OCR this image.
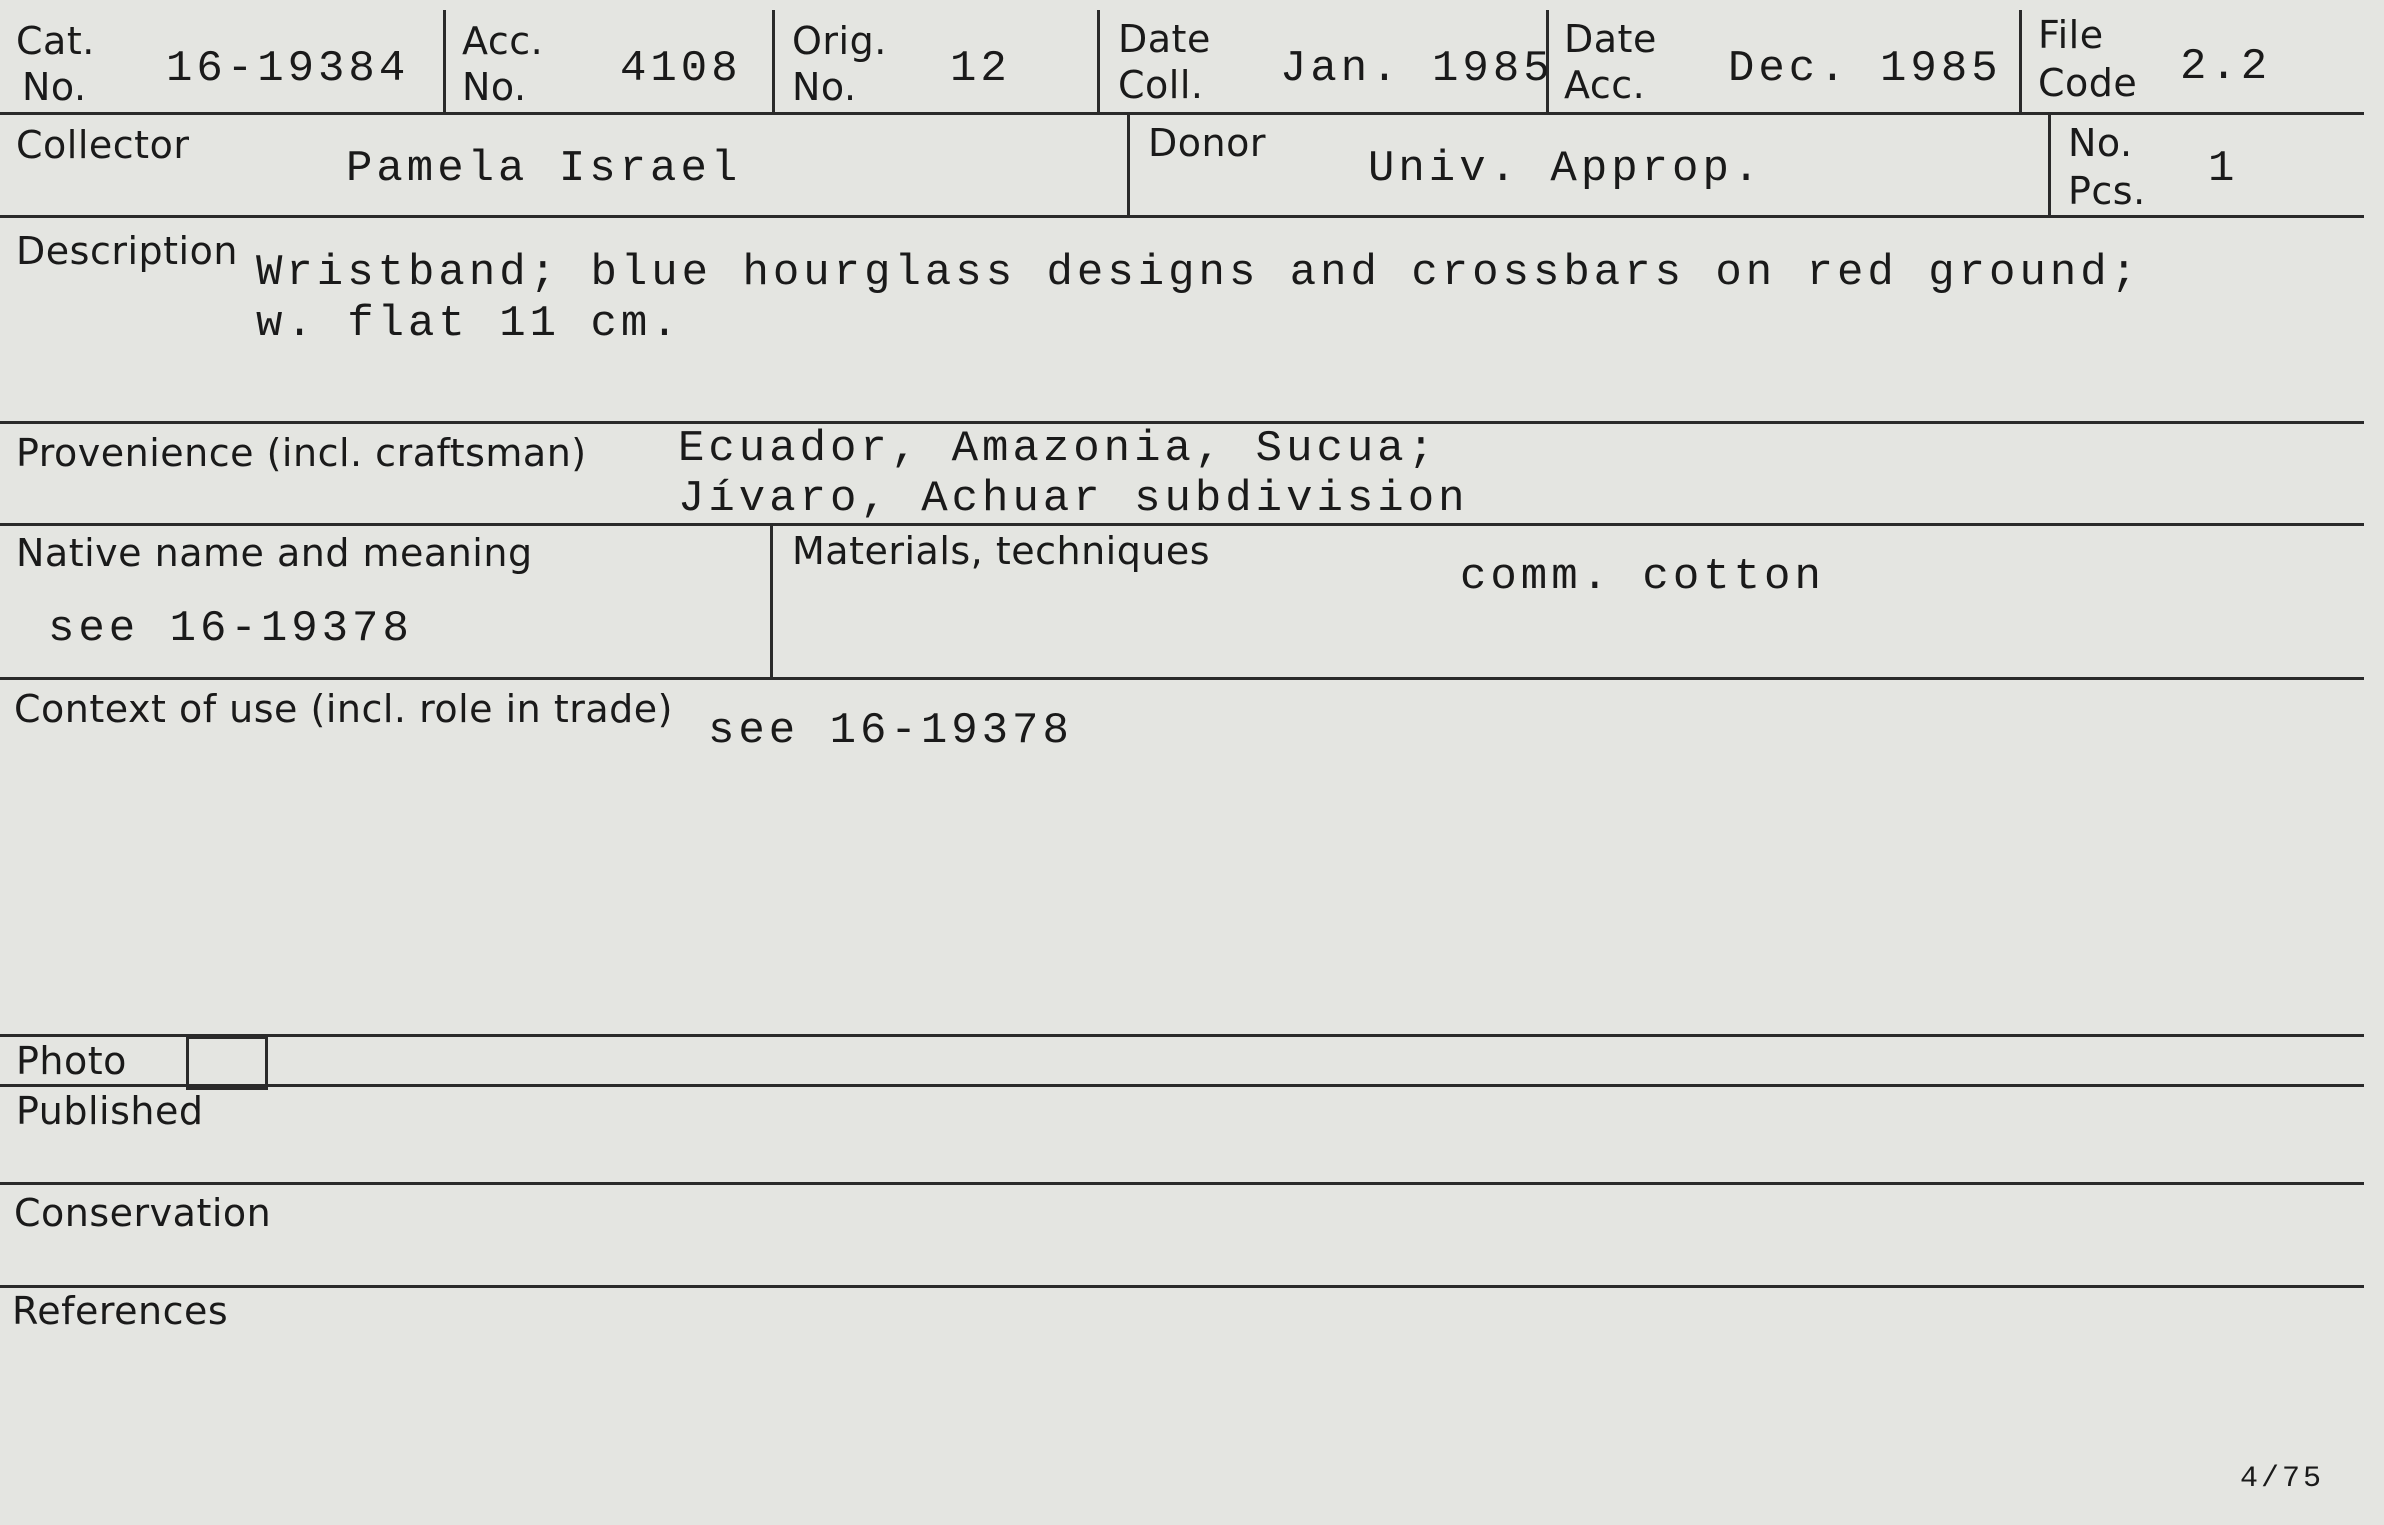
Cat.
No. 16-19384
Acc.
No. 4108
Orig.
No. 12
Date
Coll. Jan. 1985
Date
Acc. Dec. 1985
File
Code 2.2
Collector	Pamela Israel
Donor
Univ. Approp.
No.
Pcs. 1
Description Wristband; blue hourglass designs and crossbars on red ground;
w. flat 11 cm.
Provenience (incl. craftsman) Ecuador, Amazonia, Sucua;
Jívaro, Achuar subdivision
Native name and meaning
see 16-19378
Materials, techniques
comm. cotton
Context of use (incl. role in trade) see 16-19378
Photo
Published
Conservation
References
4/75
